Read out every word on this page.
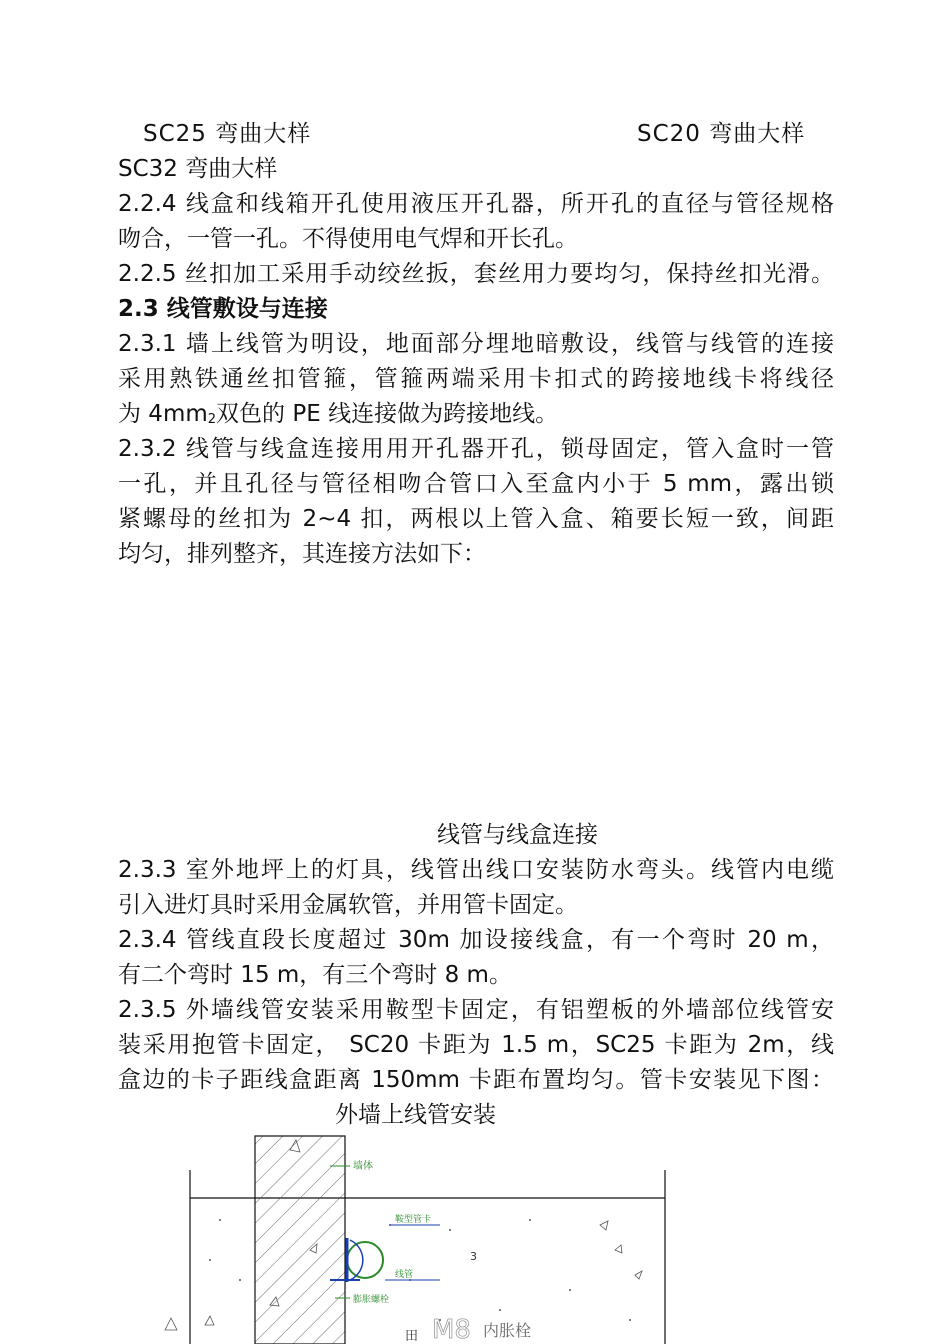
SC25 弯曲大样	SC20 弯曲大样
SC32 弯曲大样
2.2.4 线盒和线箱开孔使用液压开孔器，所开孔的直径与管径规格
吻合，一管一孔。不得使用电气焊和开长孔。
2.2.5 丝扣加工采用手动绞丝扳，套丝用力要均匀，保持丝扣光滑。
2.3 线管敷设与连接
2.3.1 墙上线管为明设，地面部分埋地暗敷设，线管与线管的连接
采用熟铁通丝扣管箍，管箍两端采用卡扣式的跨接地线卡将线径
为 $4mm_2$双色的 PE 线连接做为跨接地线。
2.3.2 线管与线盒连接用用开孔器开孔，锁母固定，管入盒时一管
一孔，并且孔径与管径相吻合管口入至盒内小于 5 mm，露出锁
紧螺母的丝扣为 2~4 扣，两根以上管入盒、箱要长短一致，间距
均匀，排列整齐，其连接方法如下：
线管与线盒连接
2.3.3 室外地坪上的灯具，线管出线口安装防水弯头。线管内电缆
引入进灯具时采用金属软管，并用管卡固定。
2.3.4 管线直段长度超过 30m 加设接线盒，有一个弯时 20 m，
有二个弯时 15 m，有三个弯时 8 m。
2.3.5 外墙线管安装采用鞍型卡固定，有铝塑板的外墙部位线管安
装采用抱管卡固定， SC20 卡距为 1.5 m，SC25 卡距为 2m，线
盒边的卡子距线盒距离 150mm 卡距布置均匀。管卡安装见下图：
外墙上线管安装
墙体
鞍型管卡
线管
膨胀螺栓
3
M8 内胀栓
田
